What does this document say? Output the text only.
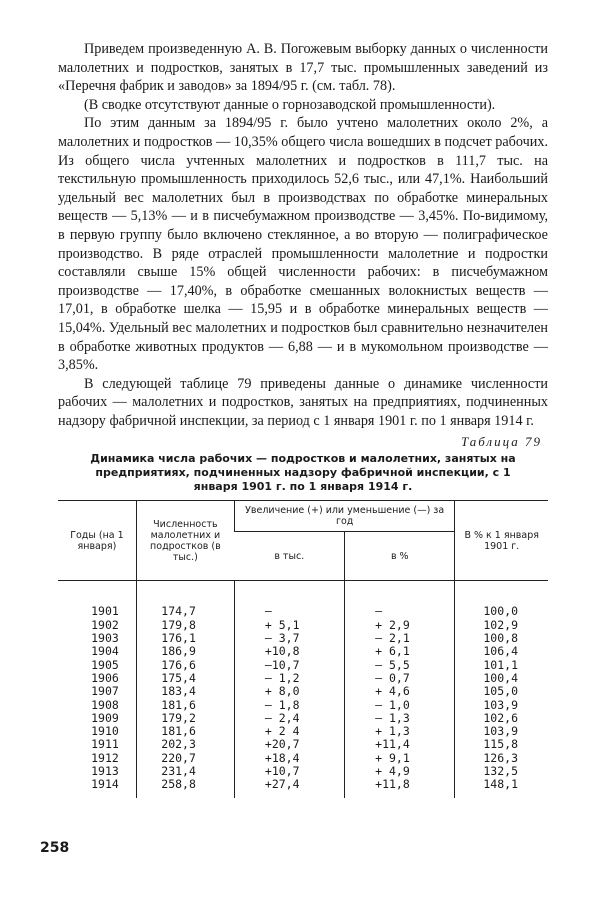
Приведем произведенную А. В. Погожевым выборку данных о численности малолетних и подростков, занятых в 17,7 тыс. промышленных заведений из «Перечня фабрик и заводов» за 1894/95 г. (см. табл. 78).

(В сводке отсутствуют данные о горнозаводской промышленности).

По этим данным за 1894/95 г. было учтено малолетних около 2%, а малолетних и подростков — 10,35% общего числа вошедших в подсчет рабочих. Из общего числа учтенных малолетних и подростков в 111,7 тыс. на текстильную промышленность приходилось 52,6 тыс., или 47,1%. Наибольший удельный вес малолетних был в производствах по обработке минеральных веществ — 5,13% — и в писчебумажном производстве — 3,45%. По-видимому, в первую группу было включено стеклянное, а во вторую — полиграфическое производство. В ряде отраслей промышленности малолетние и подростки составляли свыше 15% общей численности рабочих: в писчебумажном производстве — 17,40%, в обработке смешанных волокнистых веществ — 17,01, в обработке шелка — 15,95 и в обработке минеральных веществ — 15,04%. Удельный вес малолетних и подростков был сравнительно незначителен в обработке животных продуктов — 6,88 — и в мукомольном производстве — 3,85%.

В следующей таблице 79 приведены данные о динамике численности рабочих — малолетних и подростков, занятых на предприятиях, подчиненных надзору фабричной инспекции, за период с 1 января 1901 г. по 1 января 1914 г.

Таблица 79
Динамика числа рабочих — подростков и малолетних, занятых на предприятиях, подчиненных надзору фабричной инспекции, с 1 января 1901 г. по 1 января 1914 г.
Годы (на 1 января)	Численность малолетних и подростков (в тыс.)	Увеличение (+) или уменьшение (—) за год		В % к 1 января 1901 г.
		в тыс.	в %	

1901	174,7	—	—	100,0
1902	179,8	+ 5,1	+ 2,9	102,9
1903	176,1	— 3,7	— 2,1	100,8
1904	186,9	+10,8	+ 6,1	106,4
1905	176,6	—10,7	— 5,5	101,1
1906	175,4	— 1,2	— 0,7	100,4
1907	183,4	+ 8,0	+ 4,6	105,0
1908	181,6	— 1,8	— 1,0	103,9
1909	179,2	— 2,4	— 1,3	102,6
1910	181,6	+ 2 4	+ 1,3	103,9
1911	202,3	+20,7	+11,4	115,8
1912	220,7	+18,4	+ 9,1	126,3
1913	231,4	+10,7	+ 4,9	132,5
1914	258,8	+27,4	+11,8	148,1
258
